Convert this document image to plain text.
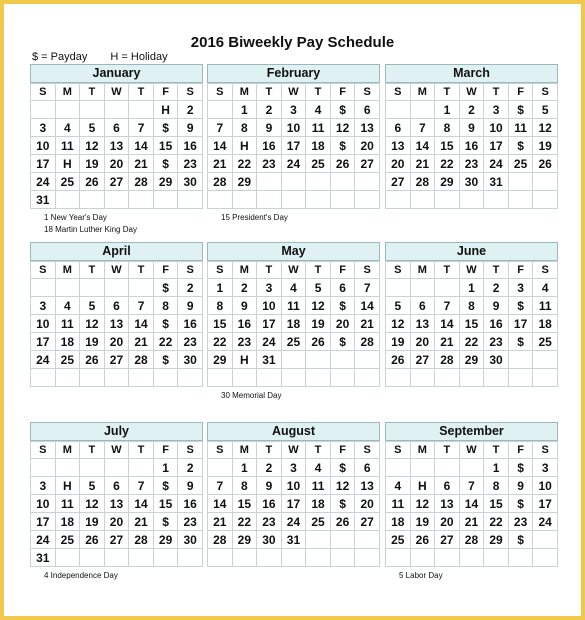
2016 Biweekly Pay Schedule
$ = Payday H = Holiday
January
S	M	T	W	T	F	S
					H	2
3	4	5	6	7	$	9
10	11	12	13	14	15	16
17	H	19	20	21	$	23
24	25	26	27	28	29	30
31						
1 New Year's Day
18 Martin Luther King Day
February
S	M	T	W	T	F	S
	1	2	3	4	$	6
7	8	9	10	11	12	13
14	H	16	17	18	$	20
21	22	23	24	25	26	27
28	29					

15 President's Day
March
S	M	T	W	T	F	S
		1	2	3	$	5
6	7	8	9	10	11	12
13	14	15	16	17	$	19
20	21	22	23	24	25	26
27	28	29	30	31		

April
S	M	T	W	T	F	S
					$	2
3	4	5	6	7	8	9
10	11	12	13	14	$	16
17	18	19	20	21	22	23
24	25	26	27	28	$	30

May
S	M	T	W	T	F	S
1	2	3	4	5	6	7
8	9	10	11	12	$	14
15	16	17	18	19	20	21
22	23	24	25	26	$	28
29	H	31				

30 Memorial Day
June
S	M	T	W	T	F	S
			1	2	3	4
5	6	7	8	9	$	11
12	13	14	15	16	17	18
19	20	21	22	23	$	25
26	27	28	29	30		

July
S	M	T	W	T	F	S
					1	2
3	H	5	6	7	$	9
10	11	12	13	14	15	16
17	18	19	20	21	$	23
24	25	26	27	28	29	30
31						
4 Independence Day
August
S	M	T	W	T	F	S
	1	2	3	4	$	6
7	8	9	10	11	12	13
14	15	16	17	18	$	20
21	22	23	24	25	26	27
28	29	30	31			

September
S	M	T	W	T	F	S
				1	$	3
4	H	6	7	8	9	10
11	12	13	14	15	$	17
18	19	20	21	22	23	24
25	26	27	28	29	$	

5 Labor Day
